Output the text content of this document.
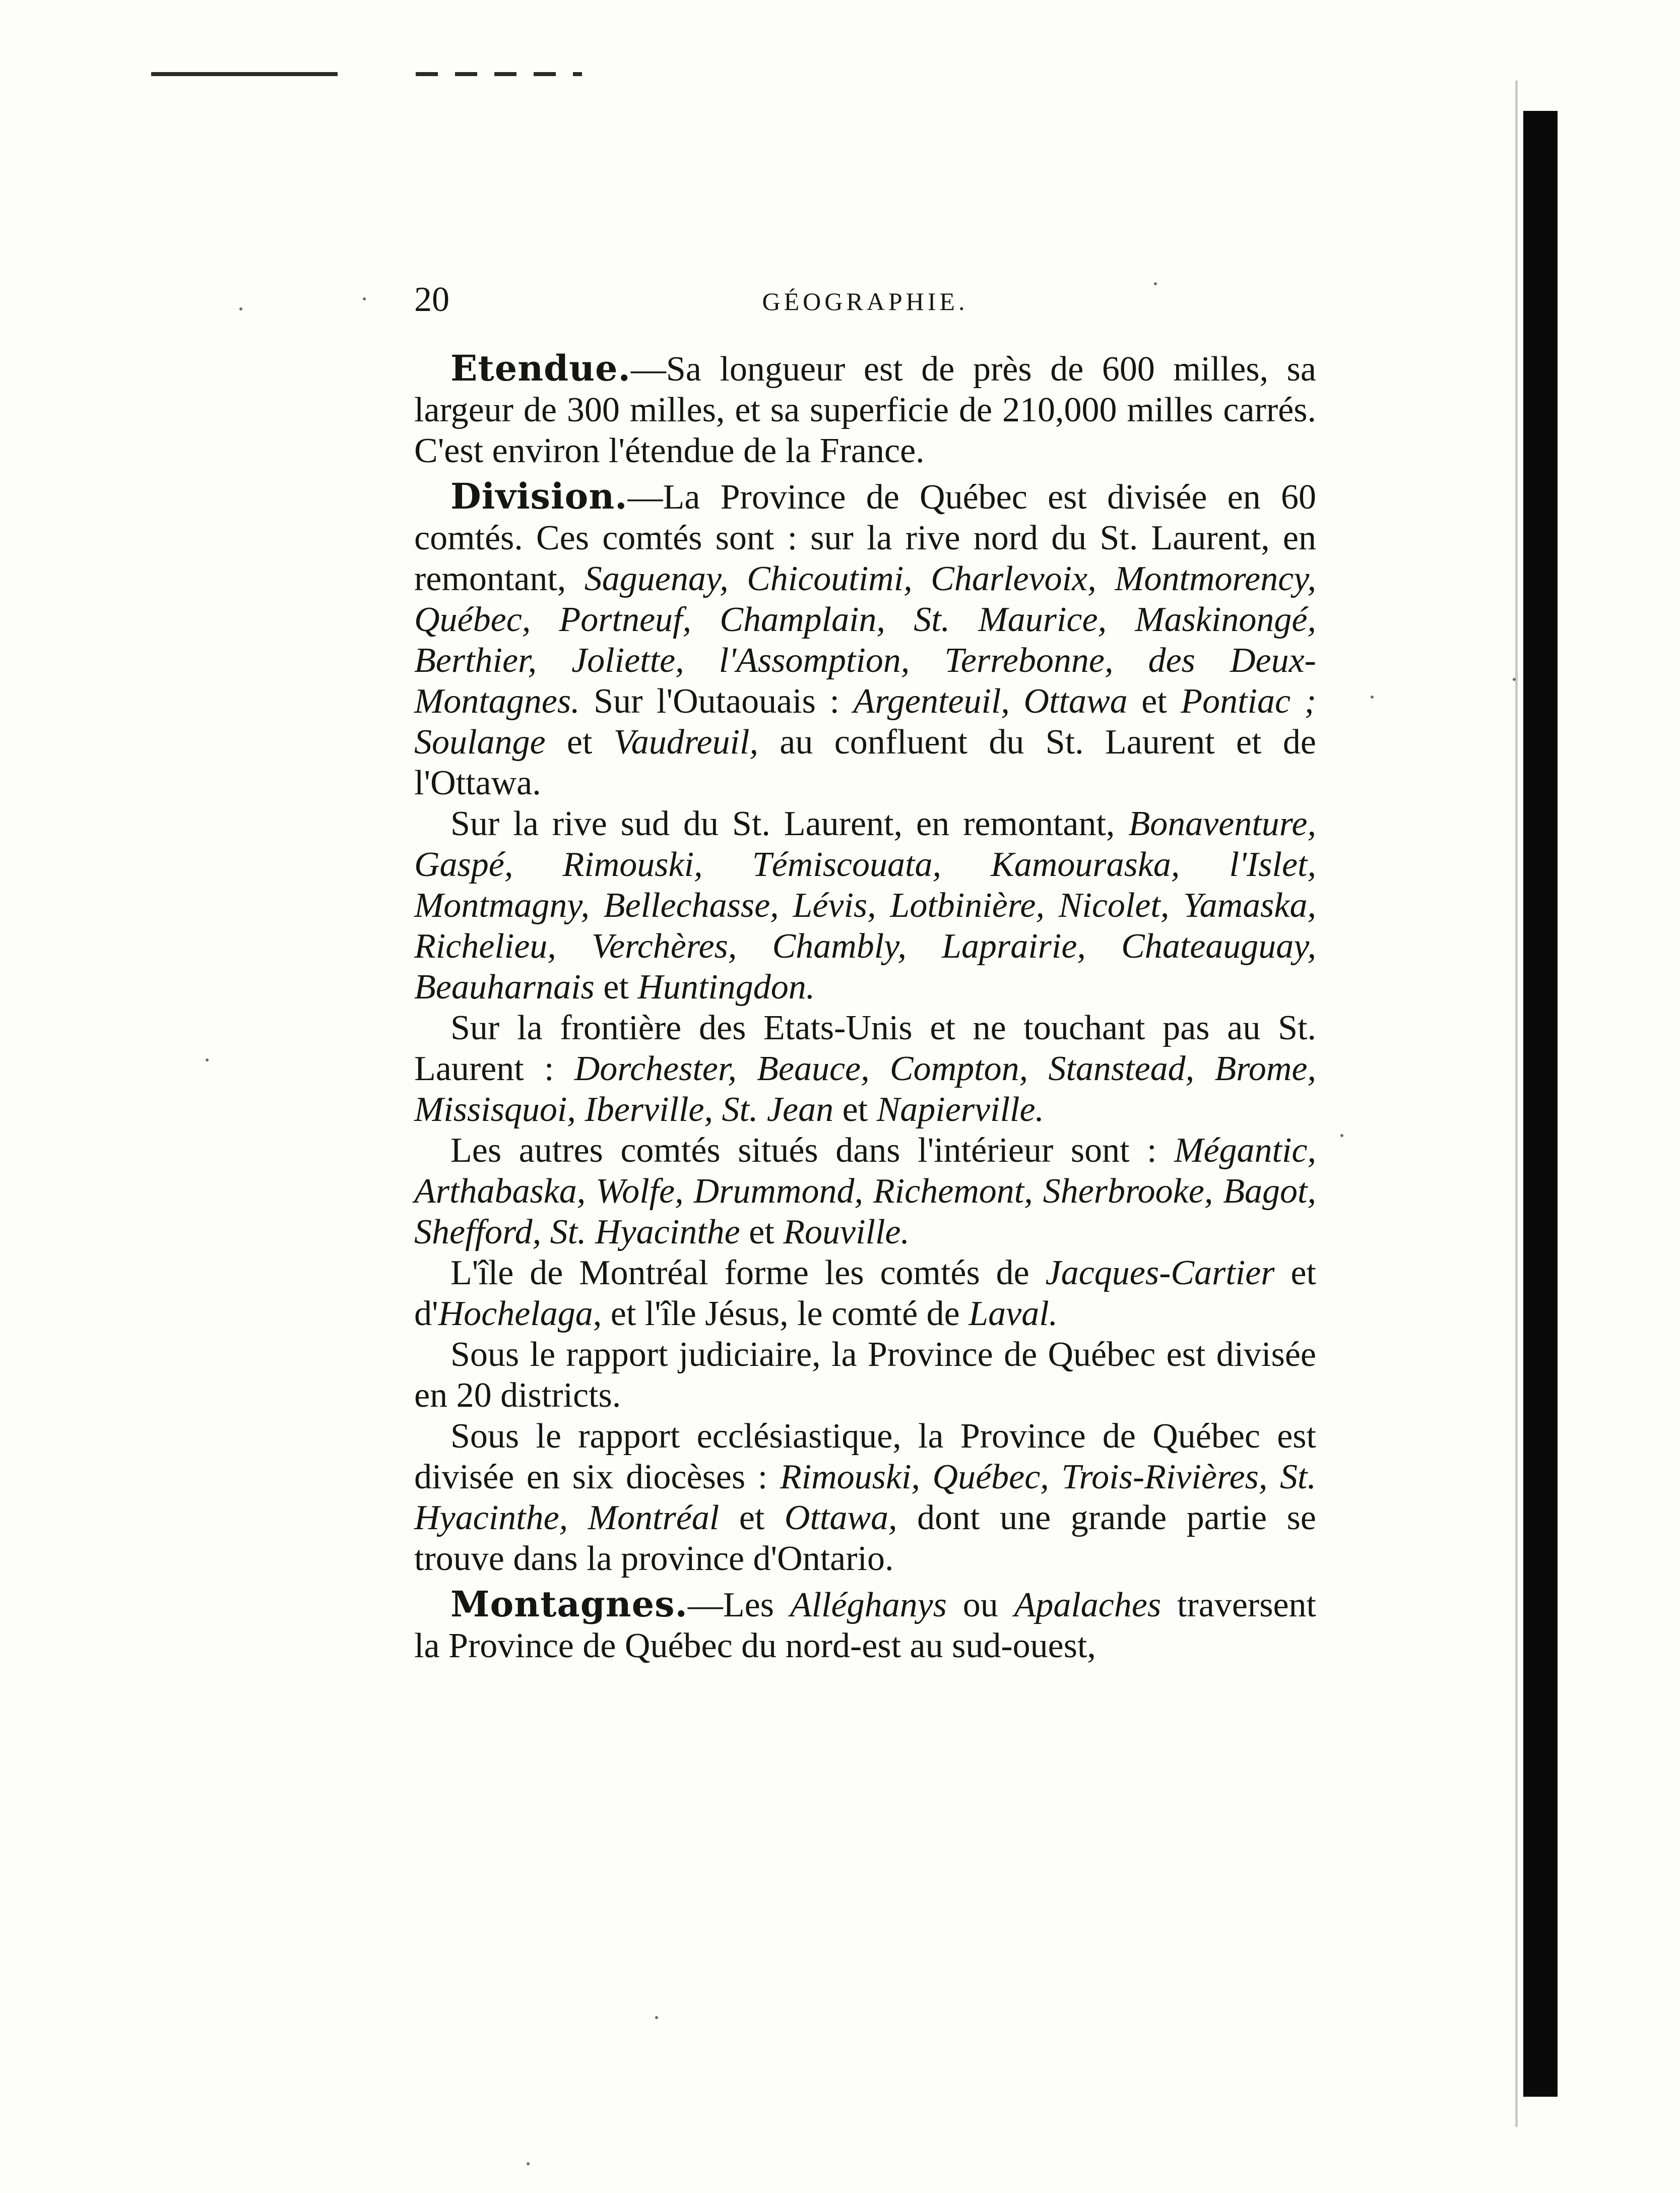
20	GÉOGRAPHIE.

Etendue.—Sa longueur est de près de 600 milles, sa largeur de 300 milles, et sa superficie de 210,000 milles carrés. C'est environ l'étendue de la France.

Division.—La Province de Québec est divisée en 60 comtés. Ces comtés sont : sur la rive nord du St. Laurent, en remontant, Saguenay, Chicoutimi, Charlevoix, Montmorency, Québec, Portneuf, Champlain, St. Maurice, Maskinongé, Berthier, Joliette, l'Assomption, Terrebonne, des Deux-Montagnes. Sur l'Outaouais : Argenteuil, Ottawa et Pontiac ; Soulange et Vaudreuil, au confluent du St. Laurent et de l'Ottawa.

Sur la rive sud du St. Laurent, en remontant, Bonaventure, Gaspé, Rimouski, Témiscouata, Kamouraska, l'Islet, Montmagny, Bellechasse, Lévis, Lotbinière, Nicolet, Yamaska, Richelieu, Verchères, Chambly, Laprairie, Chateauguay, Beauharnais et Huntingdon.

Sur la frontière des Etats-Unis et ne touchant pas au St. Laurent : Dorchester, Beauce, Compton, Stanstead, Brome, Missisquoi, Iberville, St. Jean et Napierville.

Les autres comtés situés dans l'intérieur sont : Mégantic, Arthabaska, Wolfe, Drummond, Richemont, Sherbrooke, Bagot, Shefford, St. Hyacinthe et Rouville.

L'île de Montréal forme les comtés de Jacques-Cartier et d'Hochelaga, et l'île Jésus, le comté de Laval.

Sous le rapport judiciaire, la Province de Québec est divisée en 20 districts.

Sous le rapport ecclésiastique, la Province de Québec est divisée en six diocèses : Rimouski, Québec, Trois-Rivières, St. Hyacinthe, Montréal et Ottawa, dont une grande partie se trouve dans la province d'Ontario.

Montagnes.—Les Alléghanys ou Apalaches traversent la Province de Québec du nord-est au sud-ouest,
